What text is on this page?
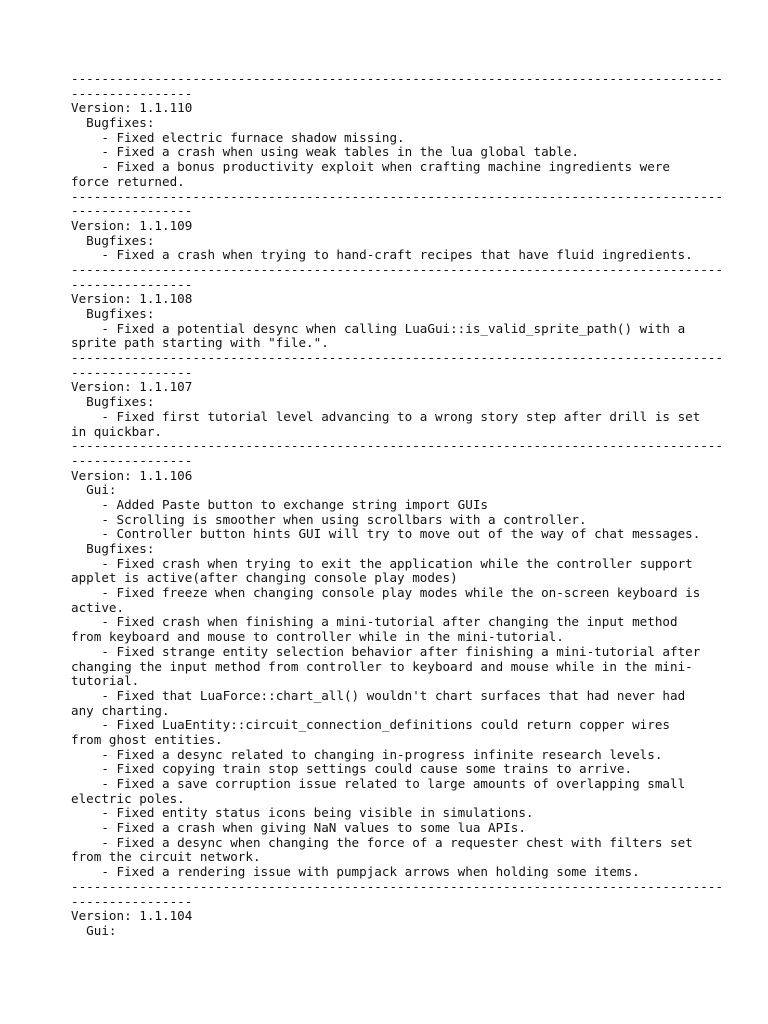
--------------------------------------------------------------------------------------
----------------
Version: 1.1.110
Bugfixes:
- Fixed electric furnace shadow missing.
- Fixed a crash when using weak tables in the lua global table.
- Fixed a bonus productivity exploit when crafting machine ingredients were
force returned.
--------------------------------------------------------------------------------------
----------------
Version: 1.1.109
Bugfixes:
- Fixed a crash when trying to hand-craft recipes that have fluid ingredients.
--------------------------------------------------------------------------------------
----------------
Version: 1.1.108
Bugfixes:
- Fixed a potential desync when calling LuaGui::is_valid_sprite_path() with a
sprite path starting with "file.".
--------------------------------------------------------------------------------------
----------------
Version: 1.1.107
Bugfixes:
- Fixed first tutorial level advancing to a wrong story step after drill is set
in quickbar.
--------------------------------------------------------------------------------------
----------------
Version: 1.1.106
Gui:
- Added Paste button to exchange string import GUIs
- Scrolling is smoother when using scrollbars with a controller.
- Controller button hints GUI will try to move out of the way of chat messages.
Bugfixes:
- Fixed crash when trying to exit the application while the controller support
applet is active(after changing console play modes)
- Fixed freeze when changing console play modes while the on-screen keyboard is
active.
- Fixed crash when finishing a mini-tutorial after changing the input method
from keyboard and mouse to controller while in the mini-tutorial.
- Fixed strange entity selection behavior after finishing a mini-tutorial after
changing the input method from controller to keyboard and mouse while in the mini-
tutorial.
- Fixed that LuaForce::chart_all() wouldn't chart surfaces that had never had
any charting.
- Fixed LuaEntity::circuit_connection_definitions could return copper wires
from ghost entities.
- Fixed a desync related to changing in-progress infinite research levels.
- Fixed copying train stop settings could cause some trains to arrive.
- Fixed a save corruption issue related to large amounts of overlapping small
electric poles.
- Fixed entity status icons being visible in simulations.
- Fixed a crash when giving NaN values to some lua APIs.
- Fixed a desync when changing the force of a requester chest with filters set
from the circuit network.
- Fixed a rendering issue with pumpjack arrows when holding some items.
--------------------------------------------------------------------------------------
----------------
Version: 1.1.104
Gui:
